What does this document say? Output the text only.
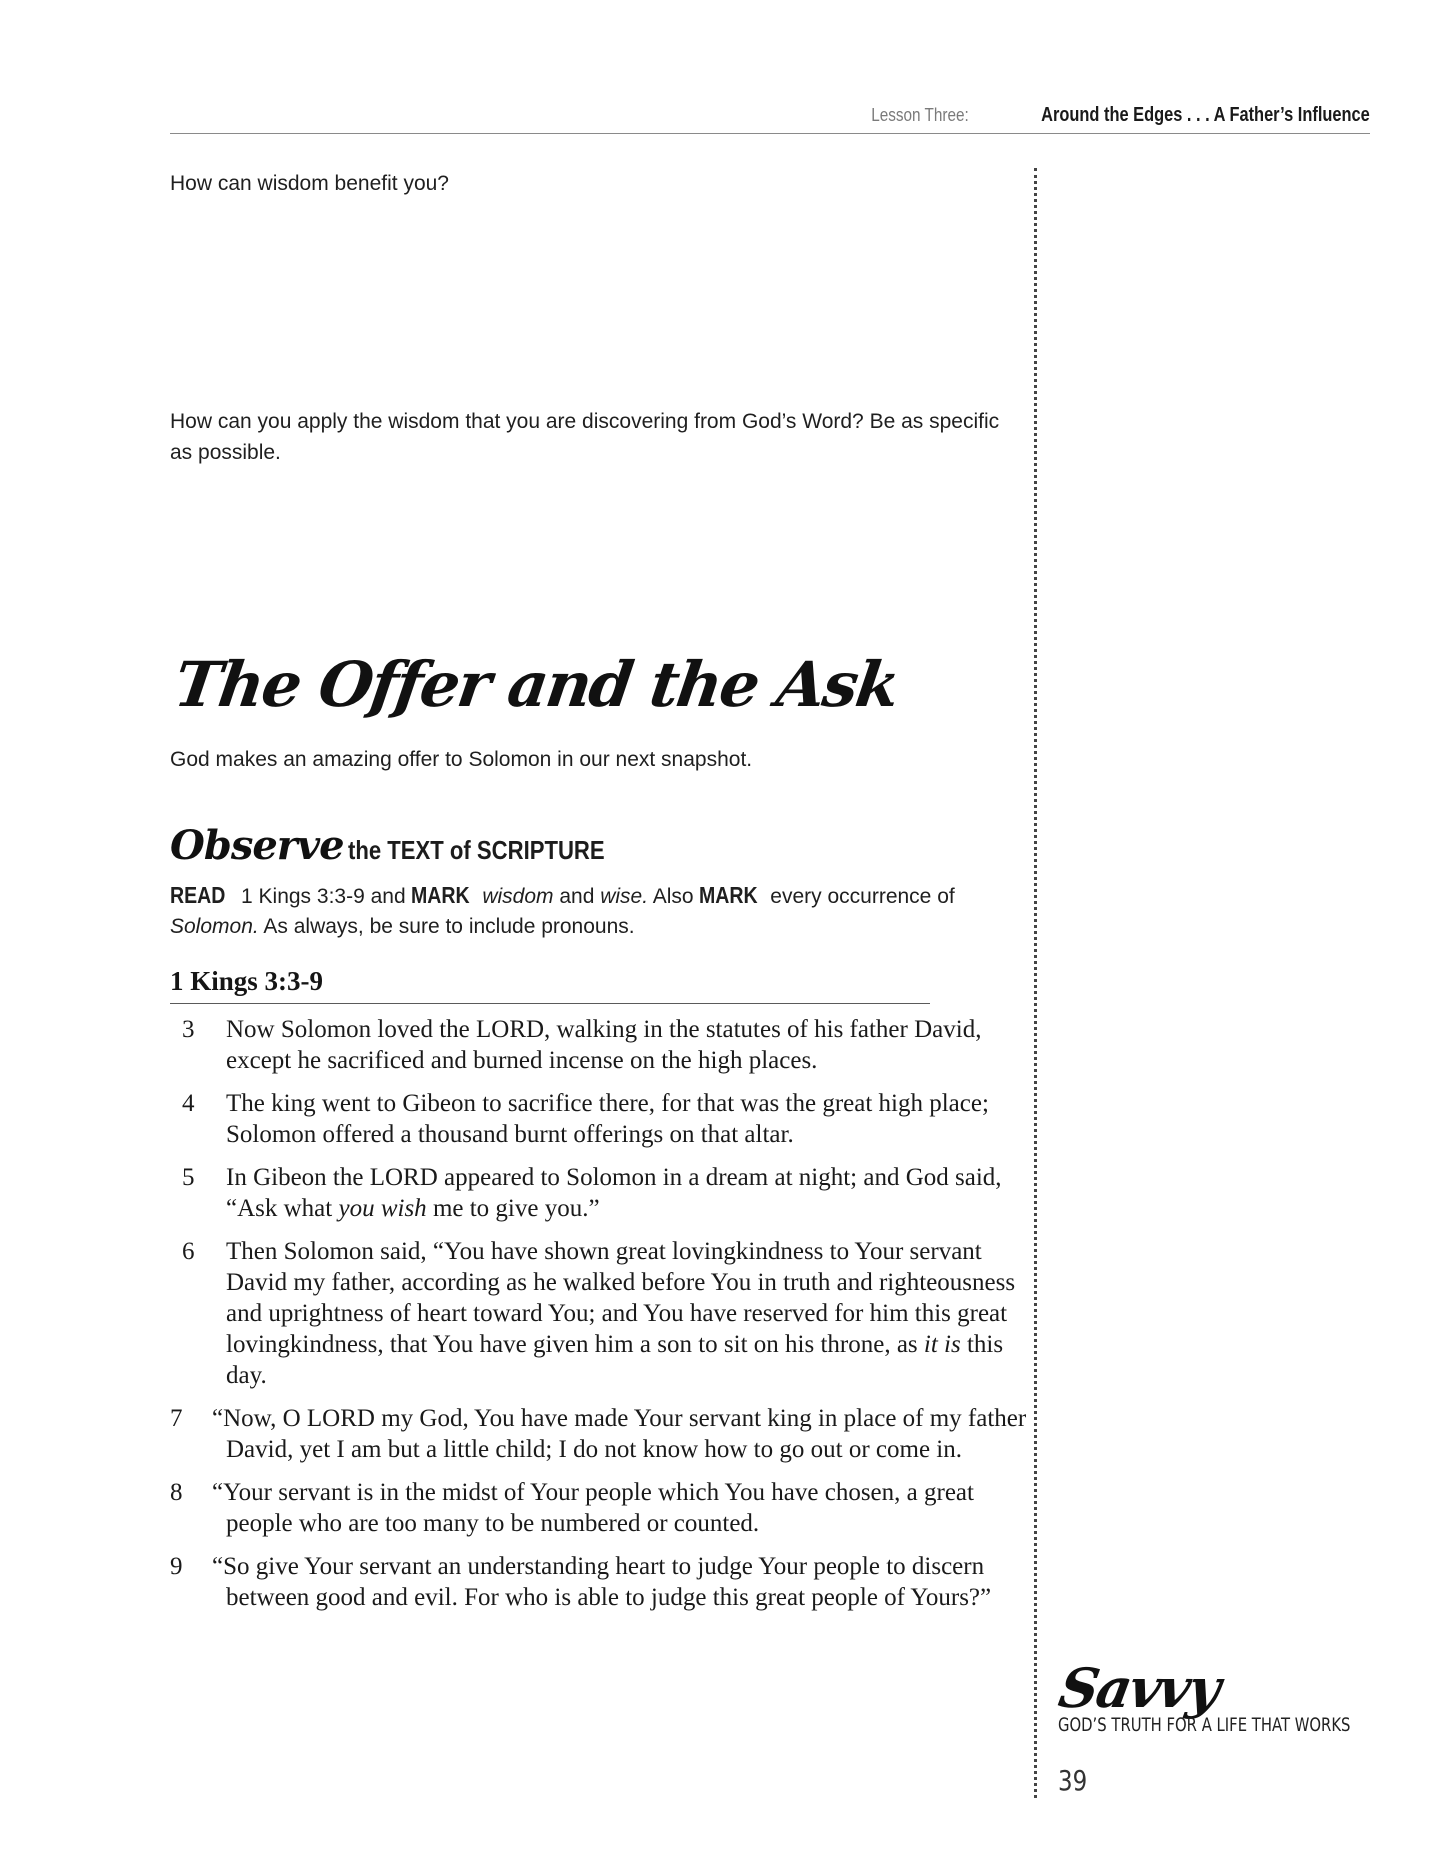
Lesson Three:	Around the Edges . . . A Father’s Influence
How can wisdom benefit you?
How can you apply the wisdom that you are discovering from God’s Word? Be as specific as possible.
The Offer and the Ask
God makes an amazing offer to Solomon in our next snapshot.
Observe the TEXT of SCRIPTURE
READ 1 Kings 3:3-9 and MARK wisdom and wise. Also MARK every occurrence of Solomon. As always, be sure to include pronouns.
1 Kings 3:3-9
3 Now Solomon loved the LORD, walking in the statutes of his father David, except he sacrificed and burned incense on the high places.
4 The king went to Gibeon to sacrifice there, for that was the great high place; Solomon offered a thousand burnt offerings on that altar.
5 In Gibeon the LORD appeared to Solomon in a dream at night; and God said, “Ask what you wish me to give you.”
6 Then Solomon said, “You have shown great lovingkindness to Your servant David my father, according as he walked before You in truth and righteousness and uprightness of heart toward You; and You have reserved for him this great lovingkindness, that You have given him a son to sit on his throne, as it is this day.
7 “Now, O LORD my God, You have made Your servant king in place of my father David, yet I am but a little child; I do not know how to go out or come in.
8 “Your servant is in the midst of Your people which You have chosen, a great people who are too many to be numbered or counted.
9 “So give Your servant an understanding heart to judge Your people to discern between good and evil. For who is able to judge this great people of Yours?”
Savvy
GOD’S TRUTH FOR A LIFE THAT WORKS
39
